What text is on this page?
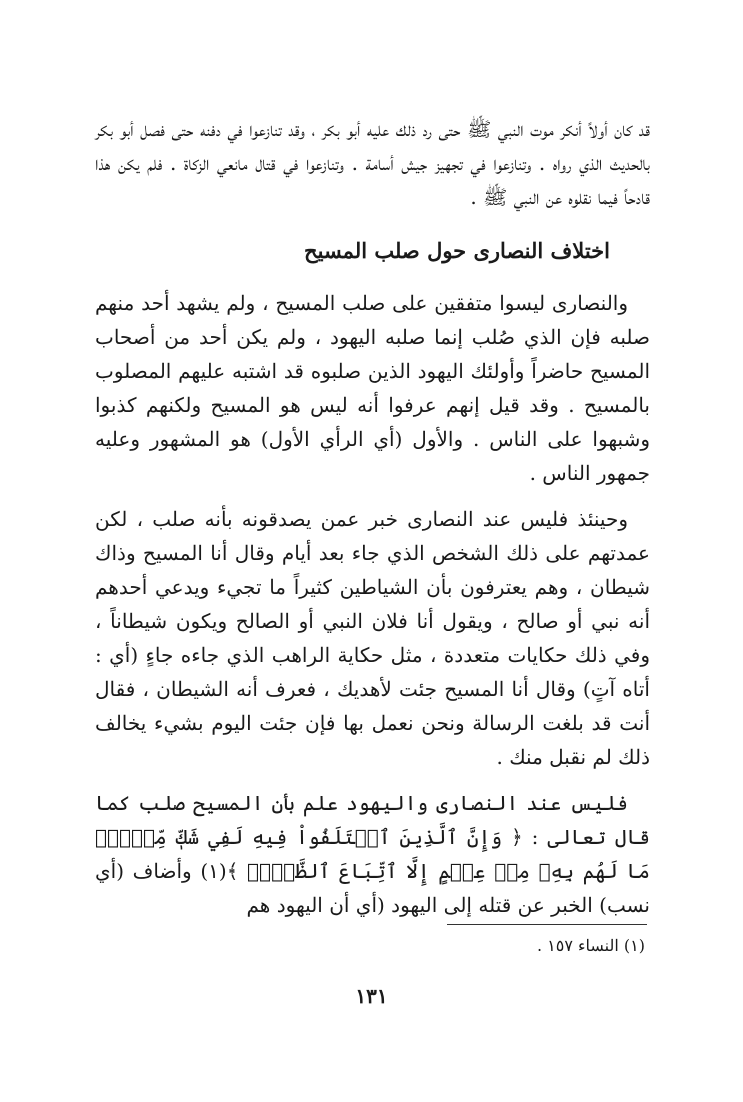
قد كان أولاً أنكر موت النبي ﷺ حتى رد ذلك عليه أبو بكر ، وقد تنازعوا في دفنه حتى فصل أبو بكر بالحديث الذي رواه . وتنازعوا في تجهيز جيش أسامة . وتنازعوا في قتال مانعي الزكاة . فلم يكن هذا قادحاً فيما نقلوه عن النبي ﷺ .

اختلاف النصارى حول صلب المسيح

والنصارى ليسوا متفقين على صلب المسيح ، ولم يشهد أحد منهم صلبه فإن الذي صُلب إنما صلبه اليهود ، ولم يكن أحد من أصحاب المسيح حاضراً وأولئك اليهود الذين صلبوه قد اشتبه عليهم المصلوب بالمسيح . وقد قيل إنهم عرفوا أنه ليس هو المسيح ولكنهم كذبوا وشبهوا على الناس . والأول (أي الرأي الأول) هو المشهور وعليه جمهور الناس .

وحينئذ فليس عند النصارى خبر عمن يصدقونه بأنه صلب ، لكن عمدتهم على ذلك الشخص الذي جاء بعد أيام وقال أنا المسيح وذاك شيطان ، وهم يعترفون بأن الشياطين كثيراً ما تجيء ويدعي أحدهم أنه نبي أو صالح ، ويقول أنا فلان النبي أو الصالح ويكون شيطاناً ، وفي ذلك حكايات متعددة ، مثل حكاية الراهب الذي جاءه جاءٍ (أي : أتاه آتٍ) وقال أنا المسيح جئت لأهديك ، فعرف أنه الشيطان ، فقال أنت قد بلغت الرسالة ونحن نعمل بها فإن جئت اليوم بشيء يخالف ذلك لم نقبل منك .

فليس عند النصارى واليهود علم بأن المسيح صلب كما قال تعالى : ﴿ وَإِنَّ ٱلَّذِينَ ٱخۡتَلَفُواْ فِيهِ لَفِي شَكّٖ مِّنۡهُۚ مَا لَهُم بِهِۦ مِنۡ عِلۡمٍ إِلَّا ٱتِّبَاعَ ٱلظَّنِّۚ ﴾(١) وأضاف (أي نسب) الخبر عن قتله إلى اليهود (أي أن اليهود هم

(١) النساء ١٥٧ .
١٣١
